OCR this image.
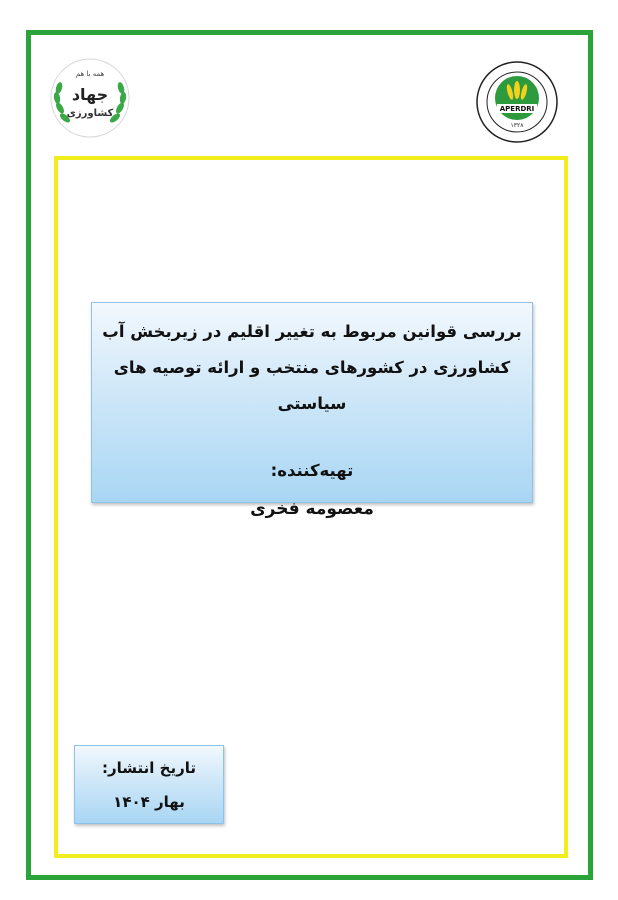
همه با هم
جهاد
کشاورزی	APERDRI
۱۳۲۸
بررسی قوانین مربوط به تغییر اقلیم در زیربخش آب
کشاورزی در کشورهای منتخب و ارائه توصیه های سیاستی
تهیه‌کننده:
معصومه فخری
تاریخ انتشار:
بهار ۱۴۰۴
